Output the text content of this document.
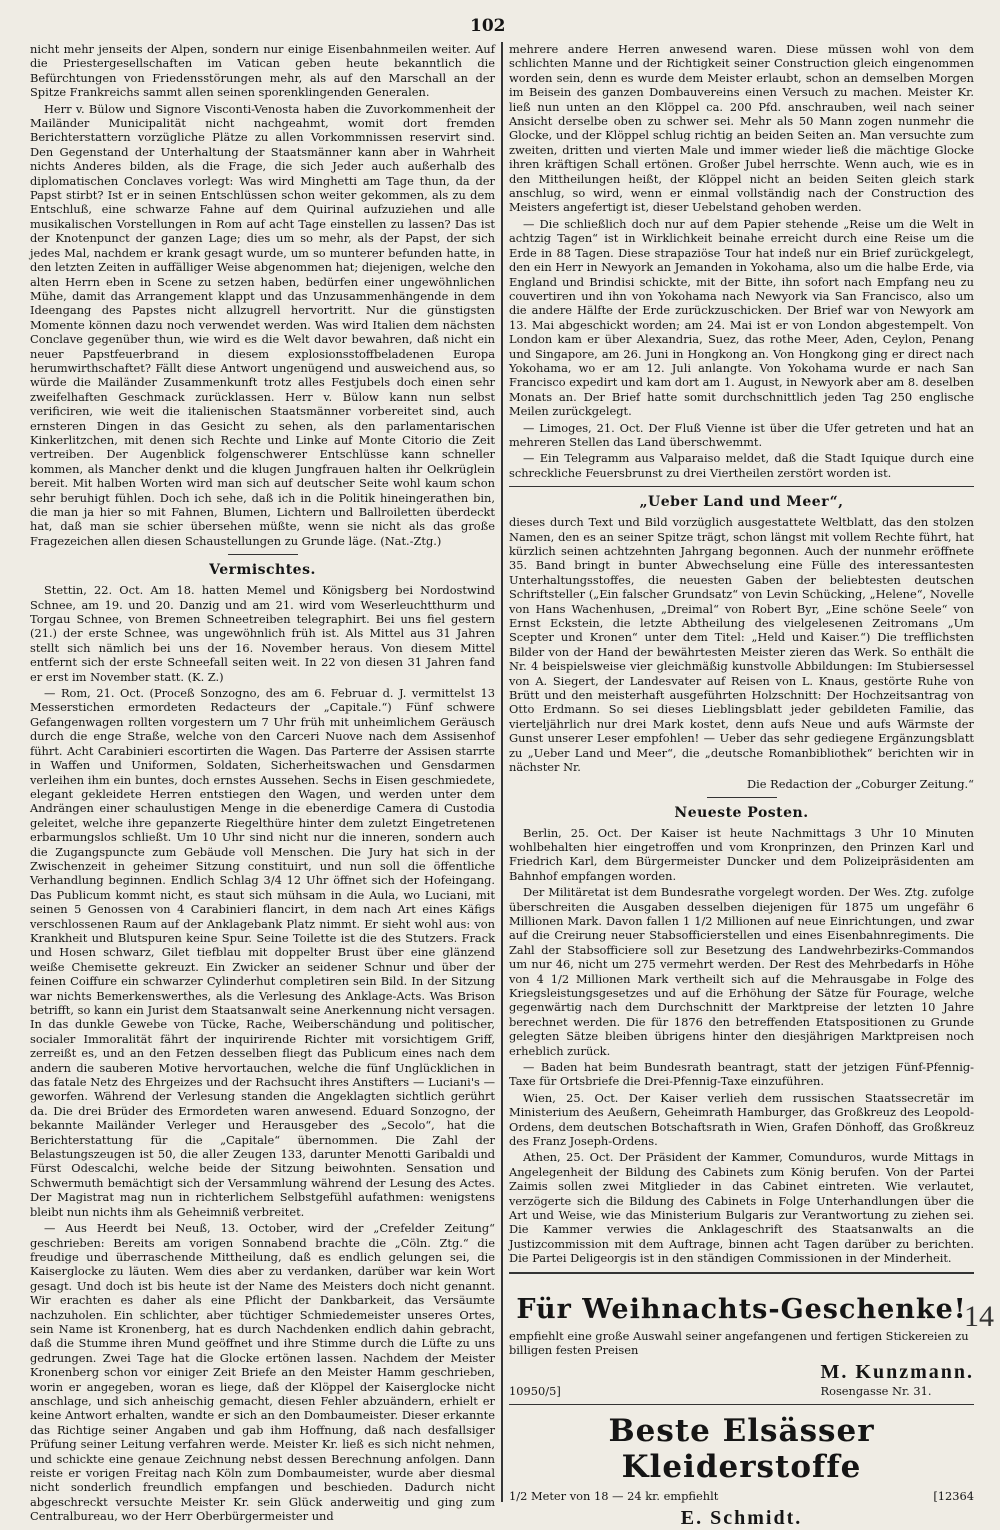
102

nicht mehr jenseits der Alpen, sondern nur einige Eisenbahnmeilen weiter. Auf die Priestergesellschaften im Vatican geben heute bekanntlich die Befürchtungen von Friedensstörungen mehr, als auf den Marschall an der Spitze Frankreichs sammt allen seinen sporenklingenden Generalen.

Herr v. Bülow und Signore Visconti-Venosta haben die Zuvorkommenheit der Mailänder Municipalität nicht nachgeahmt, womit dort fremden Berichterstattern vorzügliche Plätze zu allen Vorkommnissen reservirt sind. Den Gegenstand der Unterhaltung der Staatsmänner kann aber in Wahrheit nichts Anderes bilden, als die Frage, die sich Jeder auch außerhalb des diplomatischen Conclaves vorlegt: Was wird Minghetti am Tage thun, da der Papst stirbt? Ist er in seinen Entschlüssen schon weiter gekommen, als zu dem Entschluß, eine schwarze Fahne auf dem Quirinal aufzuziehen und alle musikalischen Vorstellungen in Rom auf acht Tage einstellen zu lassen? Das ist der Knotenpunct der ganzen Lage; dies um so mehr, als der Papst, der sich jedes Mal, nachdem er krank gesagt wurde, um so munterer befunden hatte, in den letzten Zeiten in auffälliger Weise abgenommen hat; diejenigen, welche den alten Herrn eben in Scene zu setzen haben, bedürfen einer ungewöhnlichen Mühe, damit das Arrangement klappt und das Unzusammenhängende in dem Ideengang des Papstes nicht allzugrell hervortritt. Nur die günstigsten Momente können dazu noch verwendet werden. Was wird Italien dem nächsten Conclave gegenüber thun, wie wird es die Welt davor bewahren, daß nicht ein neuer Papstfeuerbrand in diesem explosionsstoffbeladenen Europa herumwirthschaftet? Fällt diese Antwort ungenügend und ausweichend aus, so würde die Mailänder Zusammenkunft trotz alles Festjubels doch einen sehr zweifelhaften Geschmack zurücklassen. Herr v. Bülow kann nun selbst verificiren, wie weit die italienischen Staatsmänner vorbereitet sind, auch ernsteren Dingen in das Gesicht zu sehen, als den parlamentarischen Kinkerlitzchen, mit denen sich Rechte und Linke auf Monte Citorio die Zeit vertreiben. Der Augenblick folgenschwerer Entschlüsse kann schneller kommen, als Mancher denkt und die klugen Jungfrauen halten ihr Oelkrüglein bereit. Mit halben Worten wird man sich auf deutscher Seite wohl kaum schon sehr beruhigt fühlen. Doch ich sehe, daß ich in die Politik hineingerathen bin, die man ja hier so mit Fahnen, Blumen, Lichtern und Ballroiletten überdeckt hat, daß man sie schier übersehen müßte, wenn sie nicht als das große Fragezeichen allen diesen Schaustellungen zu Grunde läge. (Nat.-Ztg.)

Vermischtes.

Stettin, 22. Oct. Am 18. hatten Memel und Königsberg bei Nordostwind Schnee, am 19. und 20. Danzig und am 21. wird vom Weserleuchtthurm und Torgau Schnee, von Bremen Schneetreiben telegraphirt. Bei uns fiel gestern (21.) der erste Schnee, was ungewöhnlich früh ist. Als Mittel aus 31 Jahren stellt sich nämlich bei uns der 16. November heraus. Von diesem Mittel entfernt sich der erste Schneefall seiten weit. In 22 von diesen 31 Jahren fand er erst im November statt. (K. Z.)

— Rom, 21. Oct. (Proceß Sonzogno, des am 6. Februar d. J. vermittelst 13 Messerstichen ermordeten Redacteurs der „Capitale.“) Fünf schwere Gefangenwagen rollten vorgestern um 7 Uhr früh mit unheimlichem Geräusch durch die enge Straße, welche von den Carceri Nuove nach dem Assisenhof führt. Acht Carabinieri escortirten die Wagen. Das Parterre der Assisen starrte in Waffen und Uniformen, Soldaten, Sicherheitswachen und Gensdarmen verleihen ihm ein buntes, doch ernstes Aussehen. Sechs in Eisen geschmiedete, elegant gekleidete Herren entstiegen den Wagen, und werden unter dem Andrängen einer schaulustigen Menge in die ebenerdige Camera di Custodia geleitet, welche ihre gepanzerte Riegelthüre hinter dem zuletzt Eingetretenen erbarmungslos schließt. Um 10 Uhr sind nicht nur die inneren, sondern auch die Zugangspuncte zum Gebäude voll Menschen. Die Jury hat sich in der Zwischenzeit in geheimer Sitzung constituirt, und nun soll die öffentliche Verhandlung beginnen. Endlich Schlag 3/4 12 Uhr öffnet sich der Hofeingang. Das Publicum kommt nicht, es staut sich mühsam in die Aula, wo Luciani, mit seinen 5 Genossen von 4 Carabinieri flancirt, in dem nach Art eines Käfigs verschlossenen Raum auf der Anklagebank Platz nimmt. Er sieht wohl aus: von Krankheit und Blutspuren keine Spur. Seine Toilette ist die des Stutzers. Frack und Hosen schwarz, Gilet tiefblau mit doppelter Brust über eine glänzend weiße Chemisette gekreuzt. Ein Zwicker an seidener Schnur und über der feinen Coiffure ein schwarzer Cylinderhut completiren sein Bild. In der Sitzung war nichts Bemerkenswerthes, als die Verlesung des Anklage-Acts. Was Brison betrifft, so kann ein Jurist dem Staatsanwalt seine Anerkennung nicht versagen. In das dunkle Gewebe von Tücke, Rache, Weiberschändung und politischer, socialer Immoralität fährt der inquirirende Richter mit vorsichtigem Griff, zerreißt es, und an den Fetzen desselben fliegt das Publicum eines nach dem andern die sauberen Motive hervortauchen, welche die fünf Unglücklichen in das fatale Netz des Ehrgeizes und der Rachsucht ihres Anstifters — Luciani's — geworfen. Während der Verlesung standen die Angeklagten sichtlich gerührt da. Die drei Brüder des Ermordeten waren anwesend. Eduard Sonzogno, der bekannte Mailänder Verleger und Herausgeber des „Secolo“, hat die Berichterstattung für die „Capitale“ übernommen. Die Zahl der Belastungszeugen ist 50, die aller Zeugen 133, darunter Menotti Garibaldi und Fürst Odescalchi, welche beide der Sitzung beiwohnten. Sensation und Schwermuth bemächtigt sich der Versammlung während der Lesung des Actes. Der Magistrat mag nun in richterlichem Selbstgefühl aufathmen: wenigstens bleibt nun nichts ihm als Geheimniß verbreitet.

— Aus Heerdt bei Neuß, 13. October, wird der „Crefelder Zeitung“ geschrieben: Bereits am vorigen Sonnabend brachte die „Cöln. Ztg.“ die freudige und überraschende Mittheilung, daß es endlich gelungen sei, die Kaiserglocke zu läuten. Wem dies aber zu verdanken, darüber war kein Wort gesagt. Und doch ist bis heute ist der Name des Meisters doch nicht genannt. Wir erachten es daher als eine Pflicht der Dankbarkeit, das Versäumte nachzuholen. Ein schlichter, aber tüchtiger Schmiedemeister unseres Ortes, sein Name ist Kronenberg, hat es durch Nachdenken endlich dahin gebracht, daß die Stumme ihren Mund geöffnet und ihre Stimme durch die Lüfte zu uns gedrungen. Zwei Tage hat die Glocke ertönen lassen. Nachdem der Meister Kronenberg schon vor einiger Zeit Briefe an den Meister Hamm geschrieben, worin er angegeben, woran es liege, daß der Klöppel der Kaiserglocke nicht anschlage, und sich anheischig gemacht, diesen Fehler abzuändern, erhielt er keine Antwort erhalten, wandte er sich an den Dombaumeister. Dieser erkannte das Richtige seiner Angaben und gab ihm Hoffnung, daß nach desfallsiger Prüfung seiner Leitung verfahren werde. Meister Kr. ließ es sich nicht nehmen, und schickte eine genaue Zeichnung nebst dessen Berechnung anfolgen. Dann reiste er vorigen Freitag nach Köln zum Dombaumeister, wurde aber diesmal nicht sonderlich freundlich empfangen und beschieden. Dadurch nicht abgeschreckt versuchte Meister Kr. sein Glück anderweitig und ging zum Centralbureau, wo der Herr Oberbürgermeister und

mehrere andere Herren anwesend waren. Diese müssen wohl von dem schlichten Manne und der Richtigkeit seiner Construction gleich eingenommen worden sein, denn es wurde dem Meister erlaubt, schon an demselben Morgen im Beisein des ganzen Dombauvereins einen Versuch zu machen. Meister Kr. ließ nun unten an den Klöppel ca. 200 Pfd. anschrauben, weil nach seiner Ansicht derselbe oben zu schwer sei. Mehr als 50 Mann zogen nunmehr die Glocke, und der Klöppel schlug richtig an beiden Seiten an. Man versuchte zum zweiten, dritten und vierten Male und immer wieder ließ die mächtige Glocke ihren kräftigen Schall ertönen. Großer Jubel herrschte. Wenn auch, wie es in den Mittheilungen heißt, der Klöppel nicht an beiden Seiten gleich stark anschlug, so wird, wenn er einmal vollständig nach der Construction des Meisters angefertigt ist, dieser Uebelstand gehoben werden.

— Die schließlich doch nur auf dem Papier stehende „Reise um die Welt in achtzig Tagen“ ist in Wirklichkeit beinahe erreicht durch eine Reise um die Erde in 88 Tagen. Diese strapaziöse Tour hat indeß nur ein Brief zurückgelegt, den ein Herr in Newyork an Jemanden in Yokohama, also um die halbe Erde, via England und Brindisi schickte, mit der Bitte, ihn sofort nach Empfang neu zu couvertiren und ihn von Yokohama nach Newyork via San Francisco, also um die andere Hälfte der Erde zurückzuschicken. Der Brief war von Newyork am 13. Mai abgeschickt worden; am 24. Mai ist er von London abgestempelt. Von London kam er über Alexandria, Suez, das rothe Meer, Aden, Ceylon, Penang und Singapore, am 26. Juni in Hongkong an. Von Hongkong ging er direct nach Yokohama, wo er am 12. Juli anlangte. Von Yokohama wurde er nach San Francisco expedirt und kam dort am 1. August, in Newyork aber am 8. deselben Monats an. Der Brief hatte somit durchschnittlich jeden Tag 250 englische Meilen zurückgelegt.

— Limoges, 21. Oct. Der Fluß Vienne ist über die Ufer getreten und hat an mehreren Stellen das Land überschwemmt.

— Ein Telegramm aus Valparaiso meldet, daß die Stadt Iquique durch eine schreckliche Feuersbrunst zu drei Viertheilen zerstört worden ist.

„Ueber Land und Meer“,

dieses durch Text und Bild vorzüglich ausgestattete Weltblatt, das den stolzen Namen, den es an seiner Spitze trägt, schon längst mit vollem Rechte führt, hat kürzlich seinen achtzehnten Jahrgang begonnen. Auch der nunmehr eröffnete 35. Band bringt in bunter Abwechselung eine Fülle des interessantesten Unterhaltungsstoffes, die neuesten Gaben der beliebtesten deutschen Schriftsteller („Ein falscher Grundsatz“ von Levin Schücking, „Helene“, Novelle von Hans Wachenhusen, „Dreimal“ von Robert Byr, „Eine schöne Seele“ von Ernst Eckstein, die letzte Abtheilung des vielgelesenen Zeitromans „Um Scepter und Kronen“ unter dem Titel: „Held und Kaiser.“) Die trefflichsten Bilder von der Hand der bewährtesten Meister zieren das Werk. So enthält die Nr. 4 beispielsweise vier gleichmäßig kunstvolle Abbildungen: Im Stubiersessel von A. Siegert, der Landesvater auf Reisen von L. Knaus, gestörte Ruhe von Brütt und den meisterhaft ausgeführten Holzschnitt: Der Hochzeitsantrag von Otto Erdmann. So sei dieses Lieblingsblatt jeder gebildeten Familie, das vierteljährlich nur drei Mark kostet, denn aufs Neue und aufs Wärmste der Gunst unserer Leser empfohlen! — Ueber das sehr gediegene Ergänzungsblatt zu „Ueber Land und Meer“, die „deutsche Romanbibliothek“ berichten wir in nächster Nr.

Die Redaction der „Coburger Zeitung.“
Neueste Posten.

Berlin, 25. Oct. Der Kaiser ist heute Nachmittags 3 Uhr 10 Minuten wohlbehalten hier eingetroffen und vom Kronprinzen, den Prinzen Karl und Friedrich Karl, dem Bürgermeister Duncker und dem Polizeipräsidenten am Bahnhof empfangen worden.

Der Militäretat ist dem Bundesrathe vorgelegt worden. Der Wes. Ztg. zufolge überschreiten die Ausgaben desselben diejenigen für 1875 um ungefähr 6 Millionen Mark. Davon fallen 1 1/2 Millionen auf neue Einrichtungen, und zwar auf die Creirung neuer Stabsofficierstellen und eines Eisenbahnregiments. Die Zahl der Stabsofficiere soll zur Besetzung des Landwehrbezirks-Commandos um nur 46, nicht um 275 vermehrt werden. Der Rest des Mehrbedarfs in Höhe von 4 1/2 Millionen Mark vertheilt sich auf die Mehrausgabe in Folge des Kriegsleistungsgesetzes und auf die Erhöhung der Sätze für Fourage, welche gegenwärtig nach dem Durchschnitt der Marktpreise der letzten 10 Jahre berechnet werden. Die für 1876 den betreffenden Etatspositionen zu Grunde gelegten Sätze bleiben übrigens hinter den diesjährigen Marktpreisen noch erheblich zurück.

— Baden hat beim Bundesrath beantragt, statt der jetzigen Fünf-Pfennig-Taxe für Ortsbriefe die Drei-Pfennig-Taxe einzuführen.

Wien, 25. Oct. Der Kaiser verlieh dem russischen Staatssecretär im Ministerium des Aeußern, Geheimrath Hamburger, das Großkreuz des Leopold-Ordens, dem deutschen Botschaftsrath in Wien, Grafen Dönhoff, das Großkreuz des Franz Joseph-Ordens.

Athen, 25. Oct. Der Präsident der Kammer, Comunduros, wurde Mittags in Angelegenheit der Bildung des Cabinets zum König berufen. Von der Partei Zaimis sollen zwei Mitglieder in das Cabinet eintreten. Wie verlautet, verzögerte sich die Bildung des Cabinets in Folge Unterhandlungen über die Art und Weise, wie das Ministerium Bulgaris zur Verantwortung zu ziehen sei. Die Kammer verwies die Anklageschrift des Staatsanwalts an die Justizcommission mit dem Auftrage, binnen acht Tagen darüber zu berichten. Die Partei Deligeorgis ist in den ständigen Commissionen in der Minderheit.

Für Weihnachts-Geschenke!
empfiehlt eine große Auswahl seiner angefangenen und fertigen Stickereien zu billigen festen Preisen
10950/5]
M. Kunzmann.
Rosengasse Nr. 31.
Beste Elsässer Kleiderstoffe
1/2 Meter von 18 — 24 kr. empfiehlt	[12364
E. Schmidt.
14
